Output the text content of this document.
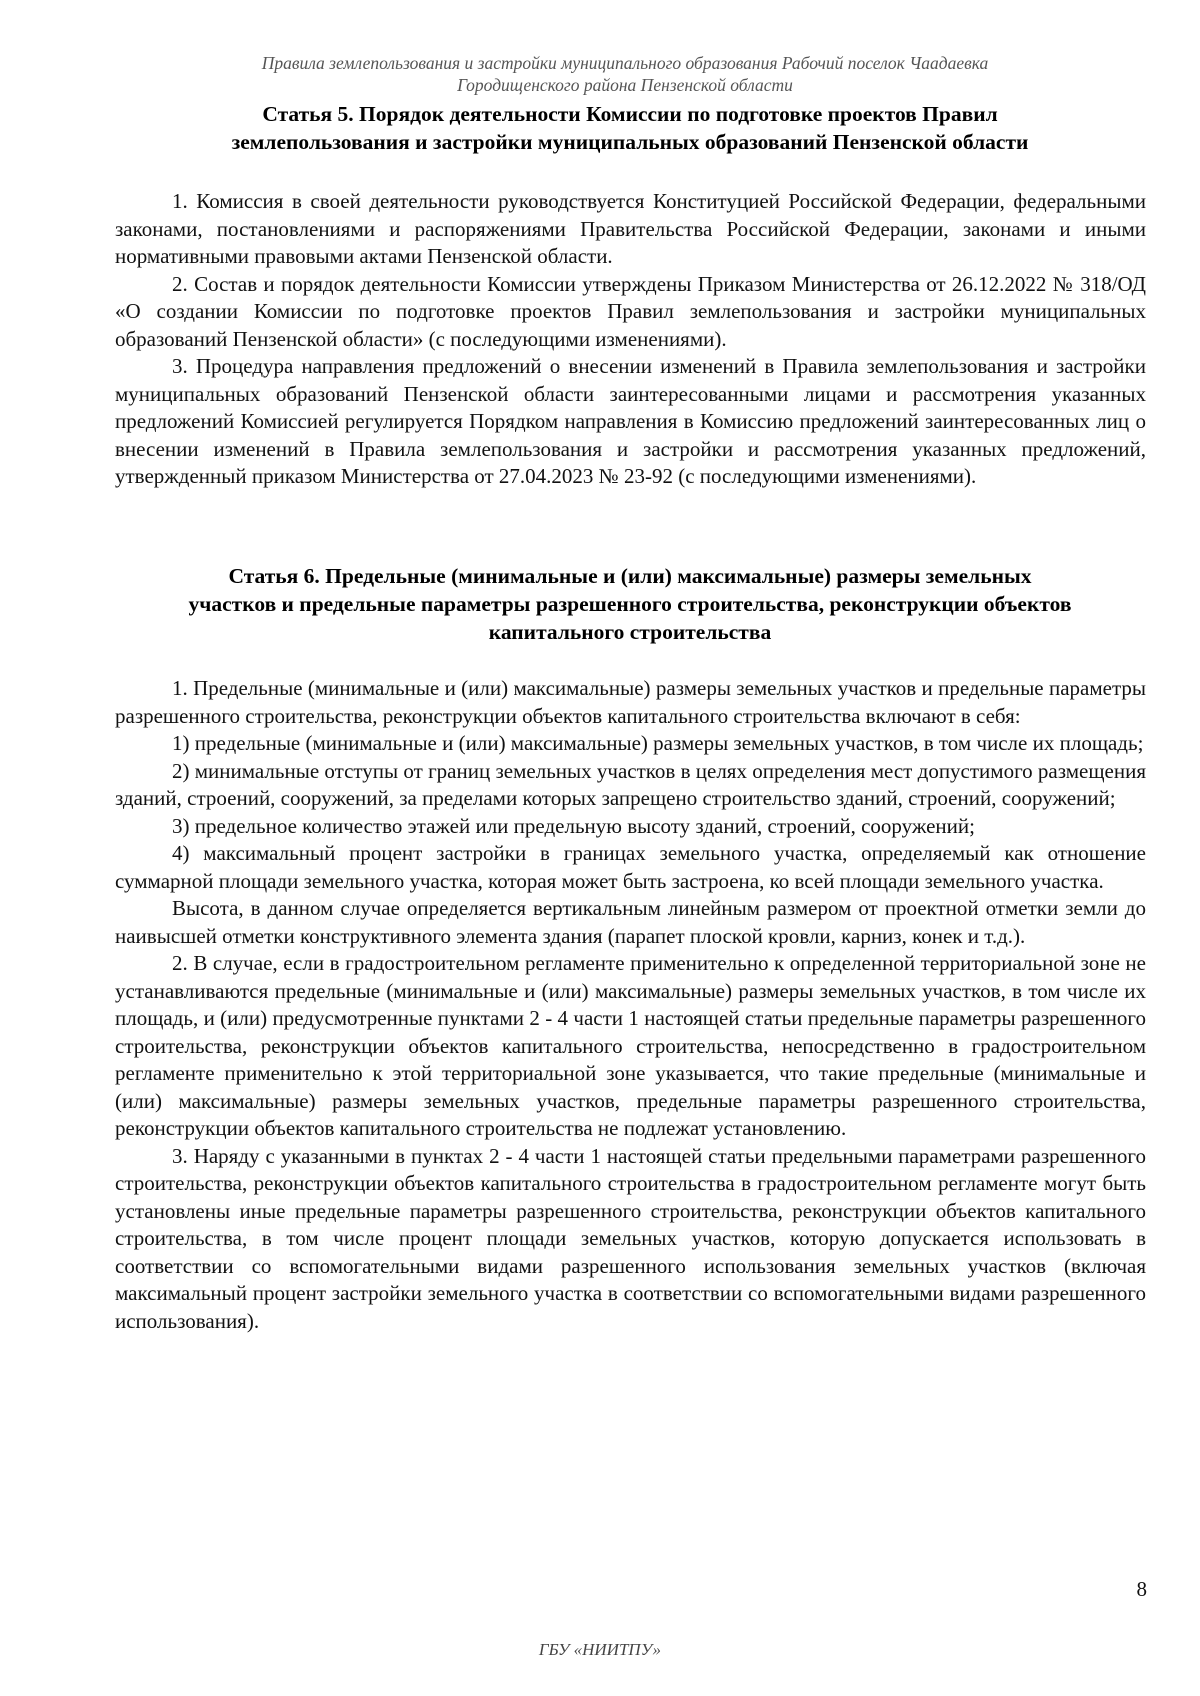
Правила землепользования и застройки муниципального образования Рабочий поселок Чаадаевка
Городищенского района Пензенской области
Статья 5. Порядок деятельности Комиссии по подготовке проектов Правил
землепользования и застройки муниципальных образований Пензенской области

1. Комиссия в своей деятельности руководствуется Конституцией Российской Федерации, федеральными законами, постановлениями и распоряжениями Правительства Российской Федерации, законами и иными нормативными правовыми актами Пензенской области.

2. Состав и порядок деятельности Комиссии утверждены Приказом Министерства от 26.12.2022 № 318/ОД «О создании Комиссии по подготовке проектов Правил землепользования и застройки муниципальных образований Пензенской области» (с последующими изменениями).

3. Процедура направления предложений о внесении изменений в Правила землепользования и застройки муниципальных образований Пензенской области заинтересованными лицами и рассмотрения указанных предложений Комиссией регулируется Порядком направления в Комиссию предложений заинтересованных лиц о внесении изменений в Правила землепользования и застройки и рассмотрения указанных предложений, утвержденный приказом Министерства от 27.04.2023 № 23-92 (с последующими изменениями).

Статья 6. Предельные (минимальные и (или) максимальные) размеры земельных
участков и предельные параметры разрешенного строительства, реконструкции объектов
капитального строительства

1. Предельные (минимальные и (или) максимальные) размеры земельных участков и предельные параметры разрешенного строительства, реконструкции объектов капитального строительства включают в себя:

1) предельные (минимальные и (или) максимальные) размеры земельных участков, в том числе их площадь;

2) минимальные отступы от границ земельных участков в целях определения мест допустимого размещения зданий, строений, сооружений, за пределами которых запрещено строительство зданий, строений, сооружений;

3) предельное количество этажей или предельную высоту зданий, строений, сооружений;

4) максимальный процент застройки в границах земельного участка, определяемый как отношение суммарной площади земельного участка, которая может быть застроена, ко всей площади земельного участка.

Высота, в данном случае определяется вертикальным линейным размером от проектной отметки земли до наивысшей отметки конструктивного элемента здания (парапет плоской кровли, карниз, конек и т.д.).

2. В случае, если в градостроительном регламенте применительно к определенной территориальной зоне не устанавливаются предельные (минимальные и (или) максимальные) размеры земельных участков, в том числе их площадь, и (или) предусмотренные пунктами 2 - 4 части 1 настоящей статьи предельные параметры разрешенного строительства, реконструкции объектов капитального строительства, непосредственно в градостроительном регламенте применительно к этой территориальной зоне указывается, что такие предельные (минимальные и (или) максимальные) размеры земельных участков, предельные параметры разрешенного строительства, реконструкции объектов капитального строительства не подлежат установлению.

3. Наряду с указанными в пунктах 2 - 4 части 1 настоящей статьи предельными параметрами разрешенного строительства, реконструкции объектов капитального строительства в градостроительном регламенте могут быть установлены иные предельные параметры разрешенного строительства, реконструкции объектов капитального строительства, в том числе процент площади земельных участков, которую допускается использовать в соответствии со вспомогательными видами разрешенного использования земельных участков (включая максимальный процент застройки земельного участка в соответствии со вспомогательными видами разрешенного использования).

8
ГБУ «НИИТПУ»
